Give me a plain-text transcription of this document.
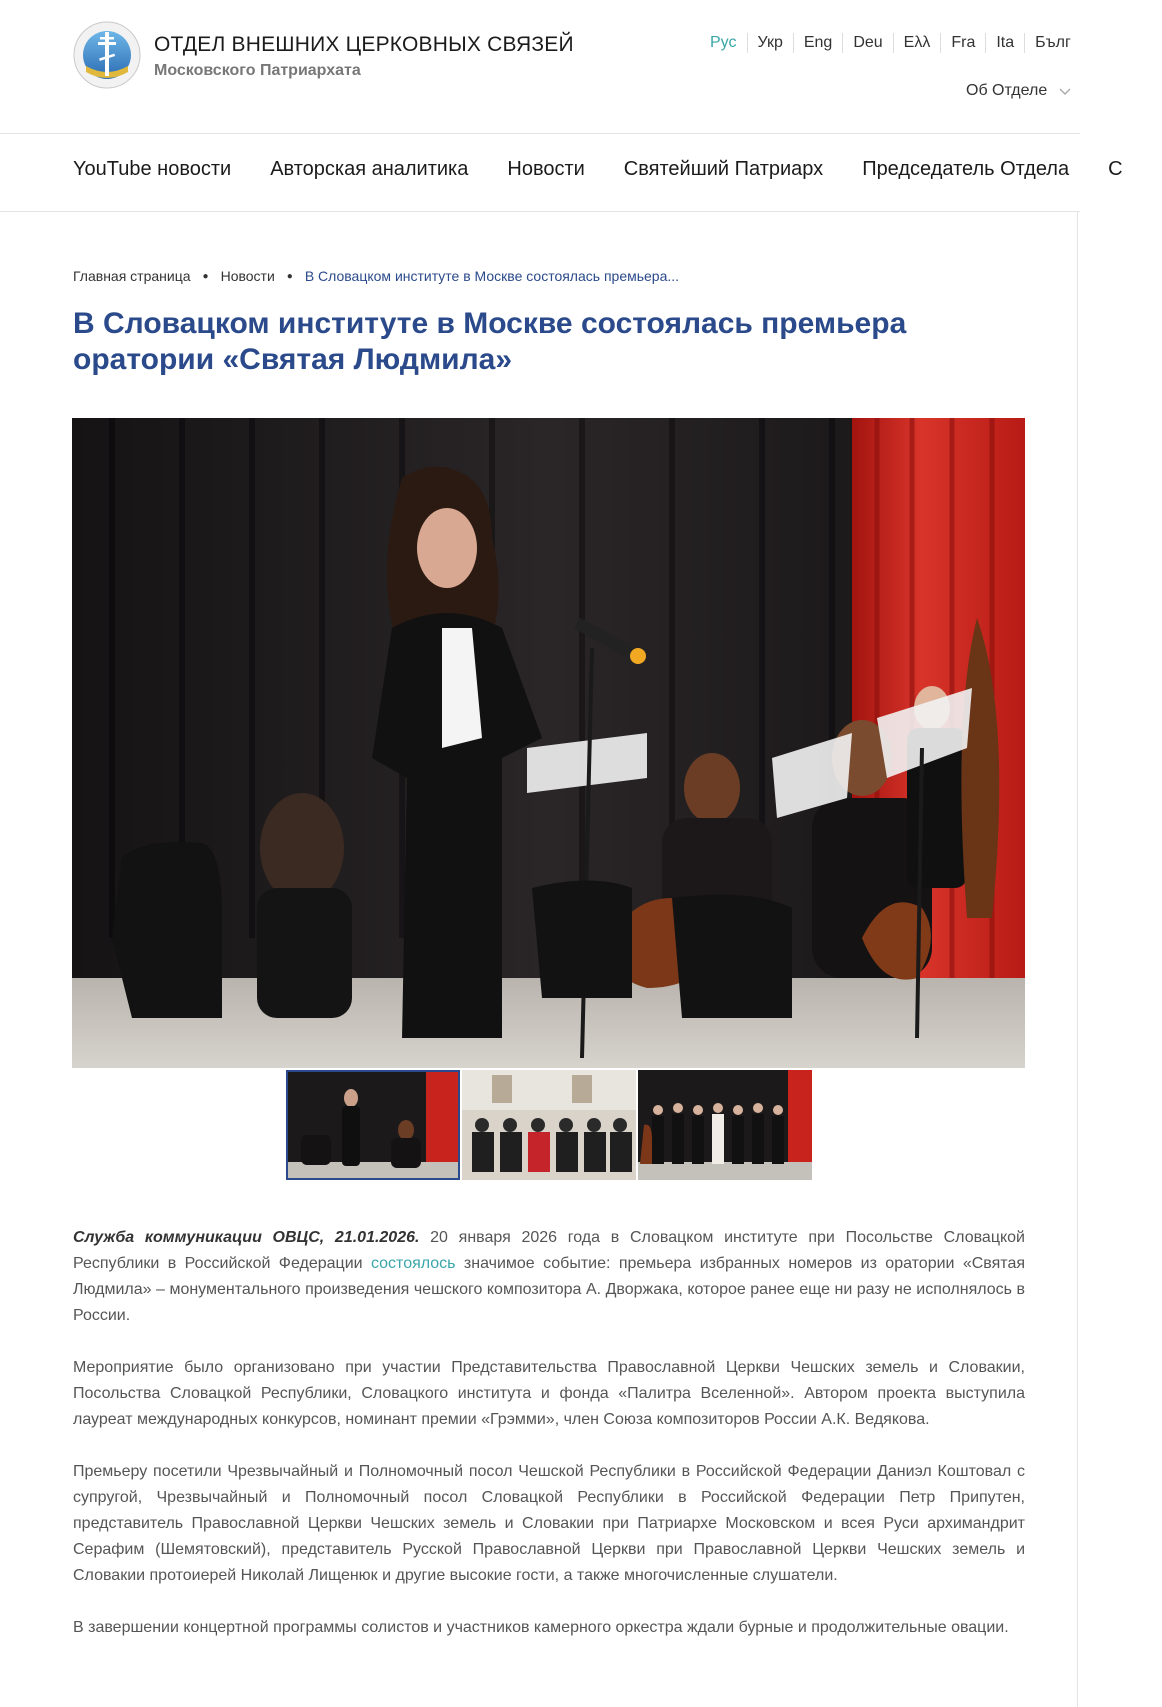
ОТДЕЛ ВНЕШНИХ ЦЕРКОВНЫХ СВЯЗЕЙ
Московского Патриархата
Рус	Укр	Eng	Deu	Ελλ	Fra	Ita	Бълг
Об Отделе
YouTube новости Авторская аналитика Новости Святейший Патриарх Председатель Отдела С
Главная страница ● Новости ● В Словацком институте в Москве состоялась премьера...
В Словацком институте в Москве состоялась премьера оратории «Святая Людмила»

Служба коммуникации ОВЦС, 21.01.2026. 20 января 2026 года в Словацком институте при Посольстве Словацкой Республики в Российской Федерации состоялось значимое событие: премьера избранных номеров из оратории «Святая Людмила» – монументального произведения чешского композитора А. Дворжака, которое ранее еще ни разу не исполнялось в России.

Мероприятие было организовано при участии Представительства Православной Церкви Чешских земель и Словакии, Посольства Словацкой Республики, Словацкого института и фонда «Палитра Вселенной». Автором проекта выступила лауреат международных конкурсов, номинант премии «Грэмми», член Союза композиторов России А.К. Ведякова.

Премьеру посетили Чрезвычайный и Полномочный посол Чешской Республики в Российской Федерации Даниэл Коштовал с супругой, Чрезвычайный и Полномочный посол Словацкой Республики в Российской Федерации Петр Припутен, представитель Православной Церкви Чешских земель и Словакии при Патриархе Московском и всея Руси архимандрит Серафим (Шемятовский), представитель Русской Православной Церкви при Православной Церкви Чешских земель и Словакии протоиерей Николай Лищенюк и другие высокие гости, а также многочисленные слушатели.

В завершении концертной программы солистов и участников камерного оркестра ждали бурные и продолжительные овации.
